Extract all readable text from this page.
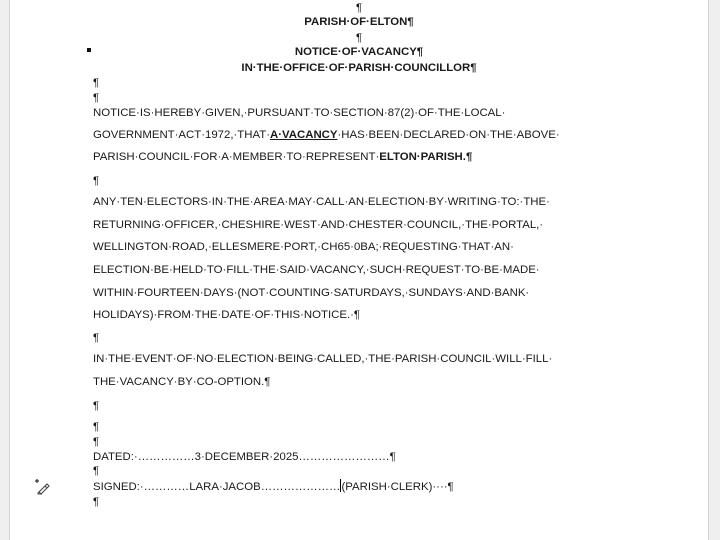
¶
PARISH·OF·ELTON¶
¶
NOTICE·OF·VACANCY¶
IN·THE·OFFICE·OF·PARISH·COUNCILLOR¶
¶
¶
NOTICE·IS·HEREBY·GIVEN,·PURSUANT·TO·SECTION·87(2)·OF·THE·LOCAL·
GOVERNMENT·ACT·1972,·THAT·A·VACANCY·HAS·BEEN·DECLARED·ON·THE·ABOVE·
PARISH·COUNCIL·FOR·A·MEMBER·TO·REPRESENT·ELTON·PARISH.¶
¶
ANY·TEN·ELECTORS·IN·THE·AREA·MAY·CALL·AN·ELECTION·BY·WRITING·TO:·THE·
RETURNING·OFFICER,·CHESHIRE·WEST·AND·CHESTER·COUNCIL,·THE·PORTAL,·
WELLINGTON·ROAD,·ELLESMERE·PORT,·CH65·0BA;·REQUESTING·THAT·AN·
ELECTION·BE·HELD·TO·FILL·THE·SAID·VACANCY,·SUCH·REQUEST·TO·BE·MADE·
WITHIN·FOURTEEN·DAYS·(NOT·COUNTING·SATURDAYS,·SUNDAYS·AND·BANK·
HOLIDAYS)·FROM·THE·DATE·OF·THIS·NOTICE.·¶
¶
IN·THE·EVENT·OF·NO·ELECTION·BEING·CALLED,·THE·PARISH·COUNCIL·WILL·FILL·
THE·VACANCY·BY·CO-OPTION.¶
¶
¶
¶
DATED:·……………3·DECEMBER·2025……………………¶
¶
SIGNED:·…………LARA·JACOB…………………(PARISH·CLERK)····¶
¶
